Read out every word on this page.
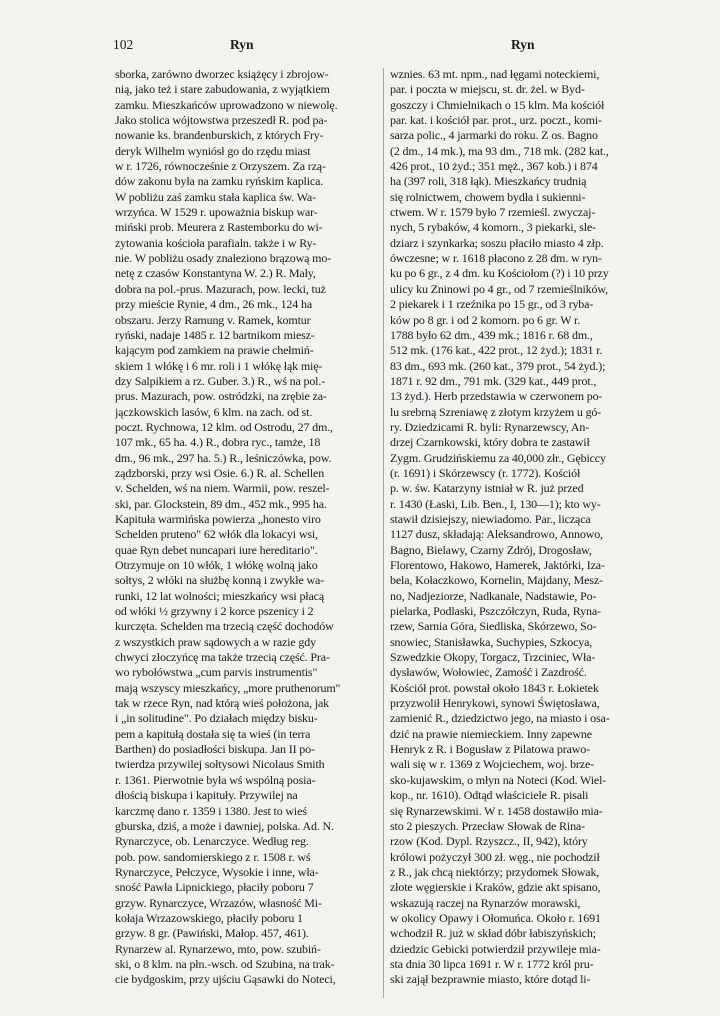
102	Ryn	Ryn
sborka, zarówno dworzec książęcy i zbrojow-
nią, jako też i stare zabudowania, z wyjątkiem
zamku. Mieszkańców uprowadzono w niewolę.
Jako stolica wójtowstwa przeszedł R. pod pa-
nowanie ks. brandenburskich, z których Fry-
deryk Wilhelm wyniósł go do rzędu miast
w r. 1726, równocześnie z Orzyszem. Za rzą-
dów zakonu była na zamku ryńskim kaplica.
W pobliżu zaś zamku stała kaplica św. Wa-
wrzyńca. W 1529 r. upoważnia biskup war-
miński prob. Meurera z Rastemborku do wi-
zytowania kościoła parafialn. także i w Ry-
nie. W pobliżu osady znaleziono brązową mo-
netę z czasów Konstantyna W. 2.) R. Mały,
dobra na pol.-prus. Mazurach, pow. lecki, tuż
przy mieście Rynie, 4 dm., 26 mk., 124 ha
obszaru. Jerzy Ramung v. Ramek, komtur
ryński, nadaje 1485 r. 12 bartnikom miesz-
kającym pod zamkiem na prawie chełmiń-
skiem 1 włókę i 6 mr. roli i 1 włókę łąk mię-
dzy Salpikiem a rz. Guber. 3.) R., wś na pol.-
prus. Mazurach, pow. ostródzki, na zrębie za-
jączkowskich lasów, 6 klm. na zach. od st.
poczt. Rychnowa, 12 klm. od Ostrodu, 27 dm.,
107 mk., 65 ha. 4.) R., dobra ryc., tamże, 18
dm., 96 mk., 297 ha. 5.) R., leśniczówka, pow.
ządzborski, przy wsi Osie. 6.) R. al. Schellen
v. Schelden, wś na niem. Warmii, pow. reszel-
ski, par. Glockstein, 89 dm., 452 mk., 995 ha.
Kapituła warmińska powierza „honesto viro
Schelden pruteno" 62 włók dla lokacyi wsi,
quae Ryn debet nuncapari iure hereditario".
Otrzymuje on 10 włók, 1 włókę wolną jako
sołtys, 2 włóki na służbę konną i zwykłe wa-
runki, 12 lat wolności; mieszkańcy wsi płacą
od włóki ½ grzywny i 2 korce pszenicy i 2
kurczęta. Schelden ma trzecią część dochodów
z wszystkich praw sądowych a w razie gdy
chwyci złoczyńcę ma także trzecią część. Pra-
wo rybołówstwa „cum parvis instrumentis"
mają wszyscy mieszkańcy, „more pruthenorum"
tak w rzece Ryn, nad którą wieś położona, jak
i „in solitudine". Po działach między bisku-
pem a kapitułą dostała się ta wieś (in terra
Barthen) do posiadłości biskupa. Jan II po-
twierdza przywilej sołtysowi Nicolaus Smith
r. 1361. Pierwotnie była wś wspólną posia-
dłością biskupa i kapituły. Przywilej na
karczmę dano r. 1359 i 1380. Jest to wieś
gburska, dziś, a może i dawniej, polska. Ad. N.
Rynarczyce, ob. Lenarczyce. Według reg.
pob. pow. sandomierskiego z r. 1508 r. wś
Rynarczyce, Pełczyce, Wysokie i inne, wła-
sność Pawła Lipnickiego, płaciły poboru 7
grzyw. Rynarczyce, Wrzazów, własność Mi-
kołaja Wrzazowskiego, płaciły poboru 1
grzyw. 8 gr. (Pawiński, Małop. 457, 461).
Rynarzew al. Rynarzewo, mto, pow. szubiń-
ski, o 8 klm. na płn.-wsch. od Szubina, na trak-
cie bydgoskim, przy ujściu Gąsawki do Noteci,
wznies. 63 mt. npm., nad łęgami noteckiemi,
par. i poczta w miejscu, st. dr. żel. w Byd-
goszczy i Chmielnikach o 15 klm. Ma kościół
par. kat. i kościół par. prot., urz. poczt., komi-
sarza polic., 4 jarmarki do roku. Z os. Bagno
(2 dm., 14 mk.), ma 93 dm., 718 mk. (282 kat.,
426 prot., 10 żyd.; 351 męż., 367 kob.) i 874
ha (397 roli, 318 łąk). Mieszkańcy trudnią
się rolnictwem, chowem bydła i sukienni-
ctwem. W r. 1579 było 7 rzemieśl. zwyczaj-
nych, 5 rybaków, 4 komorn., 3 piekarki, sle-
dziarz i szynkarka; soszu płaciło miasto 4 złp.
ówczesne; w r. 1618 płacono z 28 dm. w ryn-
ku po 6 gr., z 4 dm. ku Kościołom (?) i 10 przy
ulicy ku Zninowi po 4 gr., od 7 rzemieślników,
2 piekarek i 1 rzeźnika po 15 gr., od 3 ryba-
ków po 8 gr. i od 2 komorn. po 6 gr. W r.
1788 było 62 dm., 439 mk.; 1816 r. 68 dm.,
512 mk. (176 kat., 422 prot., 12 żyd.); 1831 r.
83 dm., 693 mk. (260 kat., 379 prot., 54 żyd.);
1871 r. 92 dm., 791 mk. (329 kat., 449 prot.,
13 żyd.). Herb przedstawia w czerwonem po-
lu srebrną Szreniawę z złotym krzyżem u gó-
ry. Dziedzicami R. byli: Rynarzewscy, An-
drzej Czarnkowski, który dobra te zastawił
Zygm. Grudzińskiemu za 40,000 złr., Gębiccy
(r. 1691) i Skórzewscy (r. 1772). Kościół
p. w. św. Katarzyny istniał w R. już przed
r. 1430 (Łaski, Lib. Ben., I, 130—1); kto wy-
stawił dzisiejszy, niewiadomo. Par., licząca
1127 dusz, składają: Aleksandrowo, Annowo,
Bagno, Bielawy, Czarny Zdrój, Drogosław,
Florentowo, Hakowo, Hamerek, Jaktórki, Iza-
bela, Kołaczkowo, Kornelin, Majdany, Mesz-
no, Nadjeziorze, Nadkanale, Nadstawie, Po-
pielarka, Podlaski, Pszczółczyn, Ruda, Ryna-
rzew, Sarnia Góra, Siedliska, Skórzewo, So-
snowiec, Stanisławka, Suchypies, Szkocya,
Szwedzkie Okopy, Torgacz, Trzciniec, Wła-
dysławów, Wołowiec, Zamość i Zazdrość.
Kościół prot. powstał około 1843 r. Łokietek
przyzwolił Henrykowi, synowi Świętosława,
zamienić R., dziedzictwo jego, na miasto i osa-
dzić na prawie niemieckiem. Inny zapewne
Henryk z R. i Bogusław z Pilatowa prawo-
wali się w r. 1369 z Wojciechem, woj. brze-
sko-kujawskim, o młyn na Noteci (Kod. Wiel-
kop., nr. 1610). Odtąd właściciele R. pisali
się Rynarzewskimi. W r. 1458 dostawiło mia-
sto 2 pieszych. Przecław Słowak de Rina-
rzow (Kod. Dypl. Rzyszcz., II, 942), który
królowi pożyczył 300 zł. węg., nie pochodził
z R., jak chcą niektórzy; przydomek Słowak,
złote węgierskie i Kraków, gdzie akt spisano,
wskazują raczej na Rynarzów morawski,
w okolicy Opawy i Ołomuńca. Około r. 1691
wchodził R. już w skład dóbr łabiszyńskich;
dziedzic Gebicki potwierdził przywileje mia-
sta dnia 30 lipca 1691 r. W r. 1772 król pru-
ski zajął bezprawnie miasto, które dotąd li-
